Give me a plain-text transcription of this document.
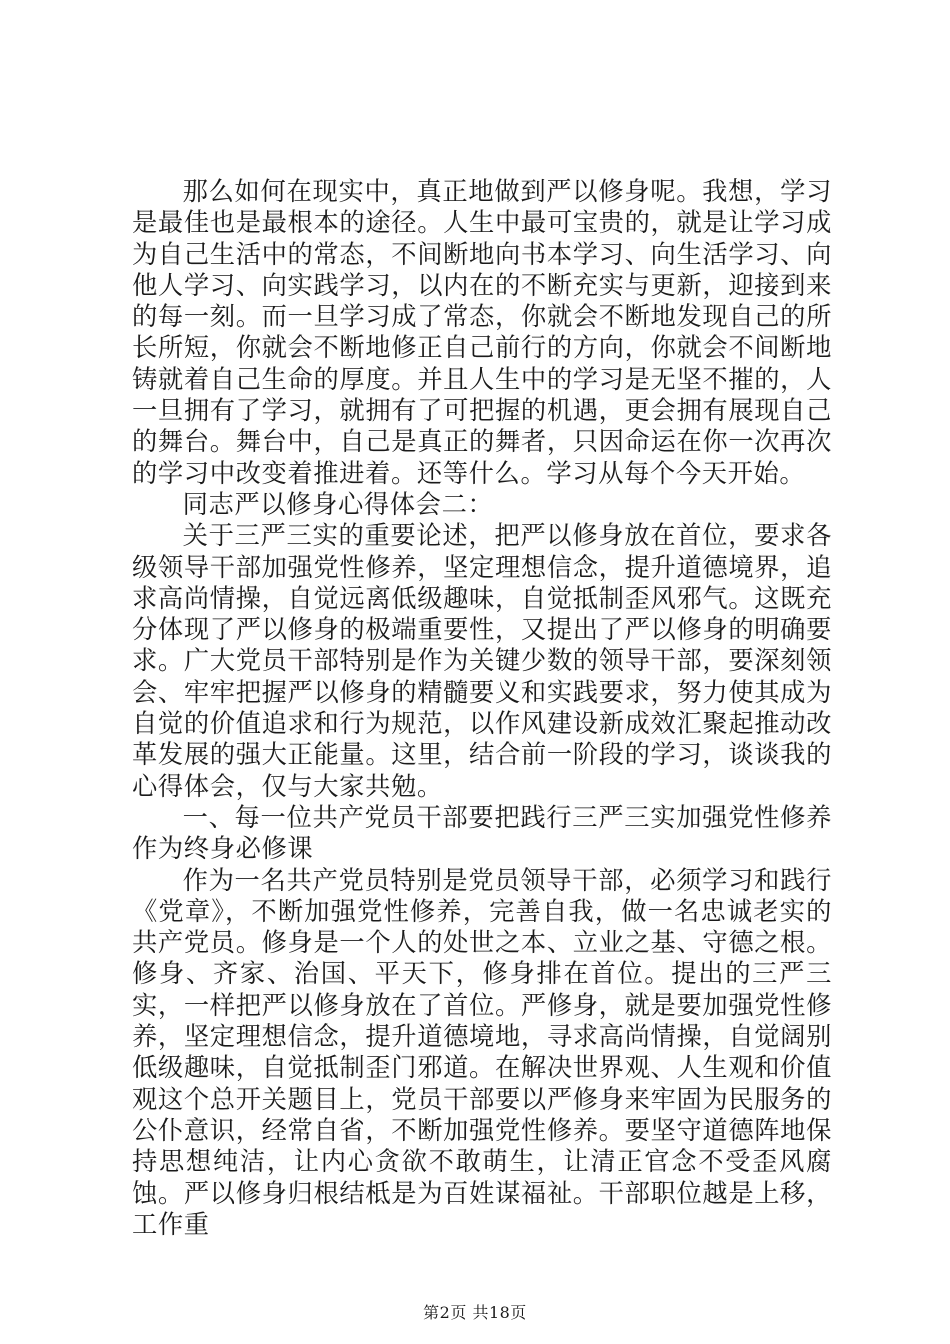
那么如何在现实中，真正地做到严以修身呢。我想，学习是最佳也是最根本的途径。人生中最可宝贵的，就是让学习成为自己生活中的常态，不间断地向书本学习、向生活学习、向他人学习、向实践学习，以内在的不断充实与更新，迎接到来的每一刻。而一旦学习成了常态，你就会不断地发现自己的所长所短，你就会不断地修正自己前行的方向，你就会不间断地铸就着自己生命的厚度。并且人生中的学习是无坚不摧的，人一旦拥有了学习，就拥有了可把握的机遇，更会拥有展现自己的舞台。舞台中，自己是真正的舞者，只因命运在你一次再次的学习中改变着推进着。还等什么。学习从每个今天开始。

同志严以修身心得体会二：

关于三严三实的重要论述，把严以修身放在首位，要求各级领导干部加强党性修养，坚定理想信念，提升道德境界，追求高尚情操，自觉远离低级趣味，自觉抵制歪风邪气。这既充分体现了严以修身的极端重要性，又提出了严以修身的明确要求。广大党员干部特别是作为关键少数的领导干部，要深刻领会、牢牢把握严以修身的精髓要义和实践要求，努力使其成为自觉的价值追求和行为规范，以作风建设新成效汇聚起推动改革发展的强大正能量。这里，结合前一阶段的学习，谈谈我的心得体会，仅与大家共勉。

一、每一位共产党员干部要把践行三严三实加强党性修养作为终身必修课

作为一名共产党员特别是党员领导干部，必须学习和践行《党章》，不断加强党性修养，完善自我，做一名忠诚老实的共产党员。修身是一个人的处世之本、立业之基、守德之根。修身、齐家、治国、平天下，修身排在首位。提出的三严三实，一样把严以修身放在了首位。严修身，就是要加强党性修养，坚定理想信念，提升道德境地，寻求高尚情操，自觉阔别低级趣味，自觉抵制歪门邪道。在解决世界观、人生观和价值观这个总开关题目上，党员干部要以严修身来牢固为民服务的公仆意识，经常自省，不断加强党性修养。要坚守道德阵地保持思想纯洁，让内心贪欲不敢萌生，让清正官念不受歪风腐蚀。严以修身归根结柢是为百姓谋福祉。干部职位越是上移，工作重

第2页 共18页
